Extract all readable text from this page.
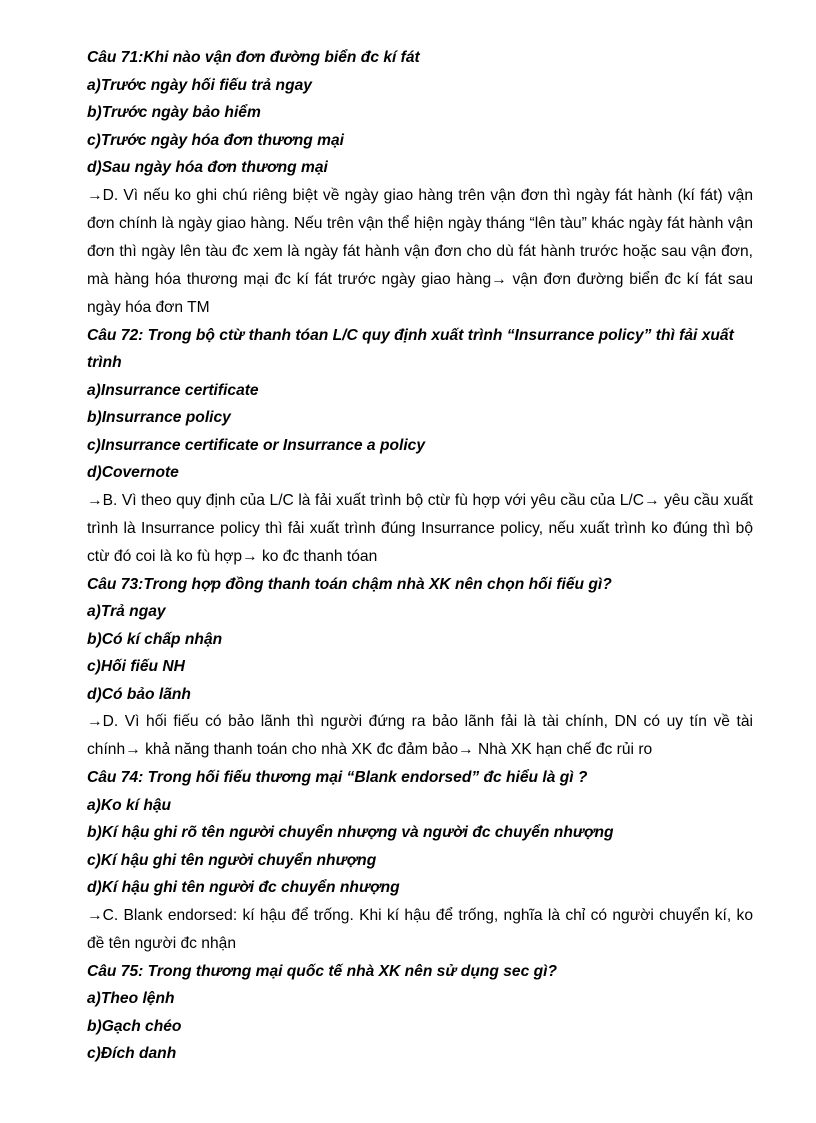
Câu 71:Khi nào vận đơn đường biển đc kí fát

a)Trước ngày hối fiếu trả ngay

b)Trước ngày bảo hiểm

c)Trước ngày hóa đơn thương mại

d)Sau ngày hóa đơn thương mại

→D. Vì nếu ko ghi chú riêng biệt về ngày giao hàng trên vận đơn thì ngày fát hành (kí fát) vận đơn chính là ngày giao hàng. Nếu trên vận thể hiện ngày tháng “lên tàu” khác ngày fát hành vận đơn thì ngày lên tàu đc xem là ngày fát hành vận đơn cho dù fát hành trước hoặc sau vận đơn, mà hàng hóa thương mại đc kí fát trước ngày giao hàng→ vận đơn đường biển đc kí fát sau ngày hóa đơn TM

Câu 72: Trong bộ ctừ thanh tóan L/C quy định xuất trình “Insurrance policy” thì fải xuất trình

a)Insurrance certificate

b)Insurrance policy

c)Insurrance certificate or Insurrance a policy

d)Covernote

→B. Vì theo quy định của L/C là fải xuất trình bộ ctừ fù hợp với yêu cầu của L/C→ yêu cầu xuất trình là Insurrance policy thì fải xuất trình đúng Insurrance policy, nếu xuất trình ko đúng thì bộ ctừ đó coi là ko fù hợp→ ko đc thanh tóan

Câu 73:Trong hợp đồng thanh toán chậm nhà XK nên chọn hối fiếu gì?

a)Trả ngay

b)Có kí chấp nhận

c)Hối fiếu NH

d)Có bảo lãnh

→D. Vì hối fiếu có bảo lãnh thì người đứng ra bảo lãnh fải là tài chính, DN có uy tín về tài chính→ khả năng thanh toán cho nhà XK đc đảm bảo→ Nhà XK hạn chế đc rủi ro

Câu 74: Trong hối fiếu thương mại “Blank endorsed” đc hiểu là gì ?

a)Ko kí hậu

b)Kí hậu ghi rõ tên người chuyển nhượng và người đc chuyển nhượng

c)Kí hậu ghi tên người chuyển nhượng

d)Kí hậu ghi tên người đc chuyển nhượng

→C. Blank endorsed: kí hậu để trống. Khi kí hậu để trống, nghĩa là chỉ có người chuyển kí, ko đề tên người đc nhận

Câu 75: Trong thương mại quốc tế nhà XK nên sử dụng sec gì?

a)Theo lệnh

b)Gạch chéo

c)Đích danh
